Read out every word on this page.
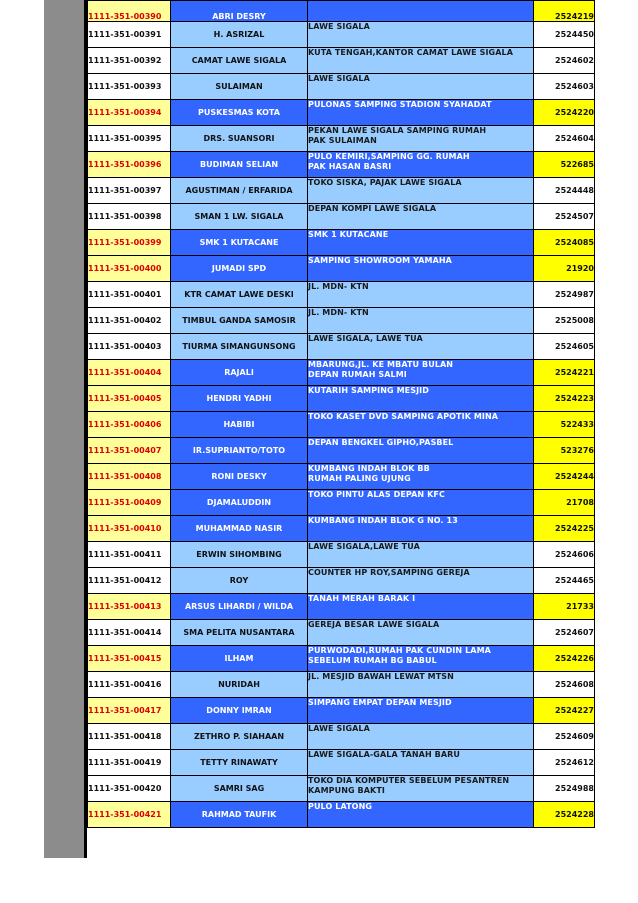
1111-351-00390	ABRI DESRY		2524219
1111-351-00391	H. ASRIZAL	LAWE SIGALA	2524450
1111-351-00392	CAMAT LAWE SIGALA	KUTA TENGAH,KANTOR CAMAT LAWE SIGALA	2524602
1111-351-00393	SULAIMAN	LAWE SIGALA	2524603
1111-351-00394	PUSKESMAS KOTA	PULONAS SAMPING STADION SYAHADAT	2524220
1111-351-00395	DRS. SUANSORI	PEKAN LAWE SIGALA SAMPING RUMAH
PAK SULAIMAN	2524604
1111-351-00396	BUDIMAN SELIAN	PULO KEMIRI,SAMPING GG. RUMAH
PAK HASAN BASRI	522685
1111-351-00397	AGUSTIMAN / ERFARIDA	TOKO SISKA, PAJAK LAWE SIGALA	2524448
1111-351-00398	SMAN 1 LW. SIGALA	DEPAN KOMPI LAWE SIGALA	2524507
1111-351-00399	SMK 1 KUTACANE	SMK 1 KUTACANE	2524085
1111-351-00400	JUMADI SPD	SAMPING SHOWROOM YAMAHA	21920
1111-351-00401	KTR CAMAT LAWE DESKI	JL. MDN- KTN	2524987
1111-351-00402	TIMBUL GANDA SAMOSIR	JL. MDN- KTN	2525008
1111-351-00403	TIURMA SIMANGUNSONG	LAWE SIGALA, LAWE TUA	2524605
1111-351-00404	RAJALI	MBARUNG,JL. KE MBATU BULAN
DEPAN RUMAH SALMI	2524221
1111-351-00405	HENDRI YADHI	KUTARIH SAMPING MESJID	2524223
1111-351-00406	HABIBI	TOKO KASET DVD SAMPING APOTIK MINA	522433
1111-351-00407	IR.SUPRIANTO/TOTO	DEPAN BENGKEL GIPHO,PASBEL	523276
1111-351-00408	RONI DESKY	KUMBANG INDAH BLOK BB
RUMAH PALING UJUNG	2524244
1111-351-00409	DJAMALUDDIN	TOKO PINTU ALAS DEPAN KFC	21708
1111-351-00410	MUHAMMAD NASIR	KUMBANG INDAH BLOK G NO. 13	2524225
1111-351-00411	ERWIN SIHOMBING	LAWE SIGALA,LAWE TUA	2524606
1111-351-00412	ROY	COUNTER HP ROY,SAMPING GEREJA	2524465
1111-351-00413	ARSUS LIHARDI / WILDA	TANAH MERAH BARAK I	21733
1111-351-00414	SMA PELITA NUSANTARA	GEREJA BESAR LAWE SIGALA	2524607
1111-351-00415	ILHAM	PURWODADI,RUMAH PAK CUNDIN LAMA
SEBELUM RUMAH BG BABUL	2524226
1111-351-00416	NURIDAH	JL. MESJID BAWAH LEWAT MTSN	2524608
1111-351-00417	DONNY IMRAN	SIMPANG EMPAT DEPAN MESJID	2524227
1111-351-00418	ZETHRO P. SIAHAAN	LAWE SIGALA	2524609
1111-351-00419	TETTY RINAWATY	LAWE SIGALA-GALA TANAH BARU	2524612
1111-351-00420	SAMRI SAG	TOKO DIA KOMPUTER SEBELUM PESANTREN
KAMPUNG BAKTI	2524988
1111-351-00421	RAHMAD TAUFIK	PULO LATONG	2524228
